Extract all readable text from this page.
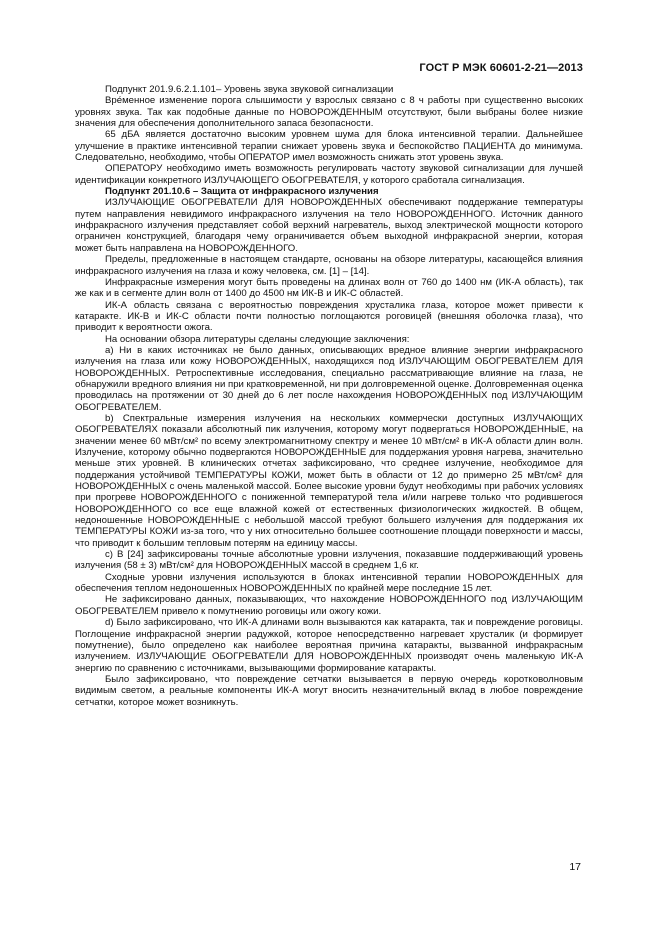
ГОСТ Р МЭК 60601-2-21—2013

Подпункт 201.9.6.2.1.101– Уровень звука звуковой сигнализации

Вре́менное изменение порога слышимости у взрослых связано с 8 ч работы при существенно высоких уровнях звука. Так как подобные данные по НОВОРОЖДЕННЫМ отсутствуют, были выбраны более низкие значения для обеспечения дополнительного запаса безопасности.

65 дБА является достаточно высоким уровнем шума для блока интенсивной терапии. Дальнейшее улучшение в практике интенсивной терапии снижает уровень звука и беспокойство ПАЦИЕНТА до минимума. Следовательно, необходимо, чтобы ОПЕРАТОР имел возможность снижать этот уровень звука.

ОПЕРАТОРУ необходимо иметь возможность регулировать частоту звуковой сигнализации для лучшей идентификации конкретного ИЗЛУЧАЮЩЕГО ОБОГРЕВАТЕЛЯ, у которого сработала сигнализация.

Подпункт 201.10.6 – Защита от инфракрасного излучения

ИЗЛУЧАЮЩИЕ ОБОГРЕВАТЕЛИ ДЛЯ НОВОРОЖДЕННЫХ обеспечивают поддержание температуры путем направления невидимого инфракрасного излучения на тело НОВОРОЖДЕННОГО. Источник данного инфракрасного излучения представляет собой верхний нагреватель, выход электрической мощности которого ограничен конструкцией, благодаря чему ограничивается объем выходной инфракрасной энергии, которая может быть направлена на НОВОРОЖДЕННОГО.

Пределы, предложенные в настоящем стандарте, основаны на обзоре литературы, касающейся влияния инфракрасного излучения на глаза и кожу человека, см. [1] – [14].

Инфракрасные измерения могут быть проведены на длинах волн от 760 до 1400 нм (ИК-А область), так же как и в сегменте длин волн от 1400 до 4500 нм ИК-В и ИК-С областей.

ИК-А область связана с вероятностью повреждения хрусталика глаза, которое может привести к катаракте. ИК-В и ИК-С области почти полностью поглощаются роговицей (внешняя оболочка глаза), что приводит к вероятности ожога.

На основании обзора литературы сделаны следующие заключения:

а) Ни в каких источниках не было данных, описывающих вредное влияние энергии инфракрасного излучения на глаза или кожу НОВОРОЖДЕННЫХ, находящихся под ИЗЛУЧАЮЩИМ ОБОГРЕВАТЕЛЕМ ДЛЯ НОВОРОЖДЕННЫХ. Ретроспективные исследования, специально рассматривающие влияние на глаза, не обнаружили вредного влияния ни при кратковременной, ни при долговременной оценке. Долговременная оценка проводилась на протяжении от 30 дней до 6 лет после нахождения НОВОРОЖДЕННЫХ под ИЗЛУЧАЮЩИМ ОБОГРЕВАТЕЛЕМ.

b) Спектральные измерения излучения на нескольких коммерчески доступных ИЗЛУЧАЮЩИХ ОБОГРЕВАТЕЛЯХ показали абсолютный пик излучения, которому могут подвергаться НОВОРОЖДЕННЫЕ, на значении менее 60 мВт/см² по всему электромагнитному спектру и менее 10 мВт/см² в ИК-А области длин волн. Излучение, которому обычно подвергаются НОВОРОЖДЕННЫЕ для поддержания уровня нагрева, значительно меньше этих уровней. В клинических отчетах зафиксировано, что среднее излучение, необходимое для поддержания устойчивой ТЕМПЕРАТУРЫ КОЖИ, может быть в области от 12 до примерно 25 мВт/см² для НОВОРОЖДЕННЫХ с очень маленькой массой. Более высокие уровни будут необходимы при рабочих условиях при прогреве НОВОРОЖДЕННОГО с пониженной температурой тела и/или нагреве только что родившегося НОВОРОЖДЕННОГО со все еще влажной кожей от естественных физиологических жидкостей. В общем, недоношенные НОВОРОЖДЕННЫЕ с небольшой массой требуют большего излучения для поддержания их ТЕМПЕРАТУРЫ КОЖИ из-за того, что у них относительно большее соотношение площади поверхности и массы, что приводит к большим тепловым потерям на единицу массы.

с) В [24] зафиксированы точные абсолютные уровни излучения, показавшие поддерживающий уровень излучения (58 ± 3) мВт/см² для НОВОРОЖДЕННЫХ массой в среднем 1,6 кг.

Сходные уровни излучения используются в блоках интенсивной терапии НОВОРОЖДЕННЫХ для обеспечения теплом недоношенных НОВОРОЖДЕННЫХ по крайней мере последние 15 лет.

Не зафиксировано данных, показывающих, что нахождение НОВОРОЖДЕННОГО под ИЗЛУЧАЮЩИМ ОБОГРЕВАТЕЛЕМ привело к помутнению роговицы или ожогу кожи.

d) Было зафиксировано, что ИК-А длинами волн вызываются как катаракта, так и повреждение роговицы. Поглощение инфракрасной энергии радужкой, которое непосредственно нагревает хрусталик (и формирует помутнение), было определено как наиболее вероятная причина катаракты, вызванной инфракрасным излучением. ИЗЛУЧАЮЩИЕ ОБОГРЕВАТЕЛИ ДЛЯ НОВОРОЖДЕННЫХ производят очень маленькую ИК-А энергию по сравнению с источниками, вызывающими формирование катаракты.

Было зафиксировано, что повреждение сетчатки вызывается в первую очередь коротковолновым видимым светом, а реальные компоненты ИК-А могут вносить незначительный вклад в любое повреждение сетчатки, которое может возникнуть.

17
